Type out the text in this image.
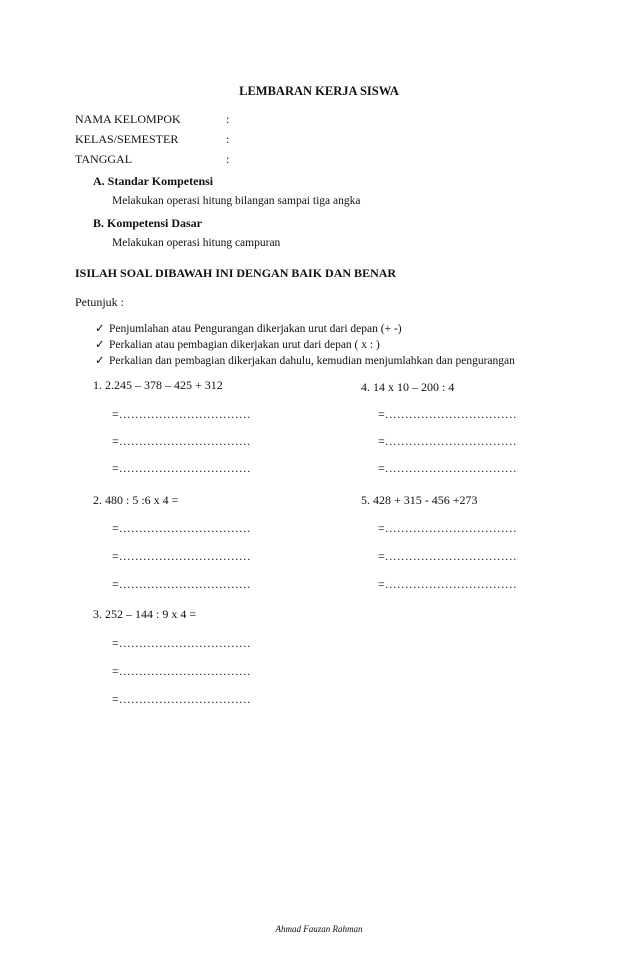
LEMBARAN KERJA SISWA
NAMA KELOMPOK	:
KELAS/SEMESTER	:
TANGGAL	:
A. Standar Kompetensi
Melakukan operasi hitung bilangan sampai tiga angka
B. Kompetensi Dasar
Melakukan operasi hitung campuran
ISILAH SOAL DIBAWAH INI DENGAN BAIK DAN BENAR
Petunjuk :
✓ Penjumlahan atau Pengurangan dikerjakan urut dari depan (+ -)
✓ Perkalian atau pembagian dikerjakan urut dari depan ( x : )
✓ Perkalian dan pembagian dikerjakan dahulu, kemudian menjumlahkan dan pengurangan
1. 2.245 – 378 – 425 + 312
=……………………………
=……………………………
=……………………………
2. 480 : 5 :6 x 4 =
=……………………………
=……………………………
=……………………………
3. 252 – 144 : 9 x 4 =
=……………………………
=……………………………
=……………………………
4. 14 x 10 – 200 : 4
=……………………………
=……………………………
=……………………………
5. 428 + 315 - 456 +273
=……………………………
=……………………………
=……………………………
Ahmad Fauzan Rahman
